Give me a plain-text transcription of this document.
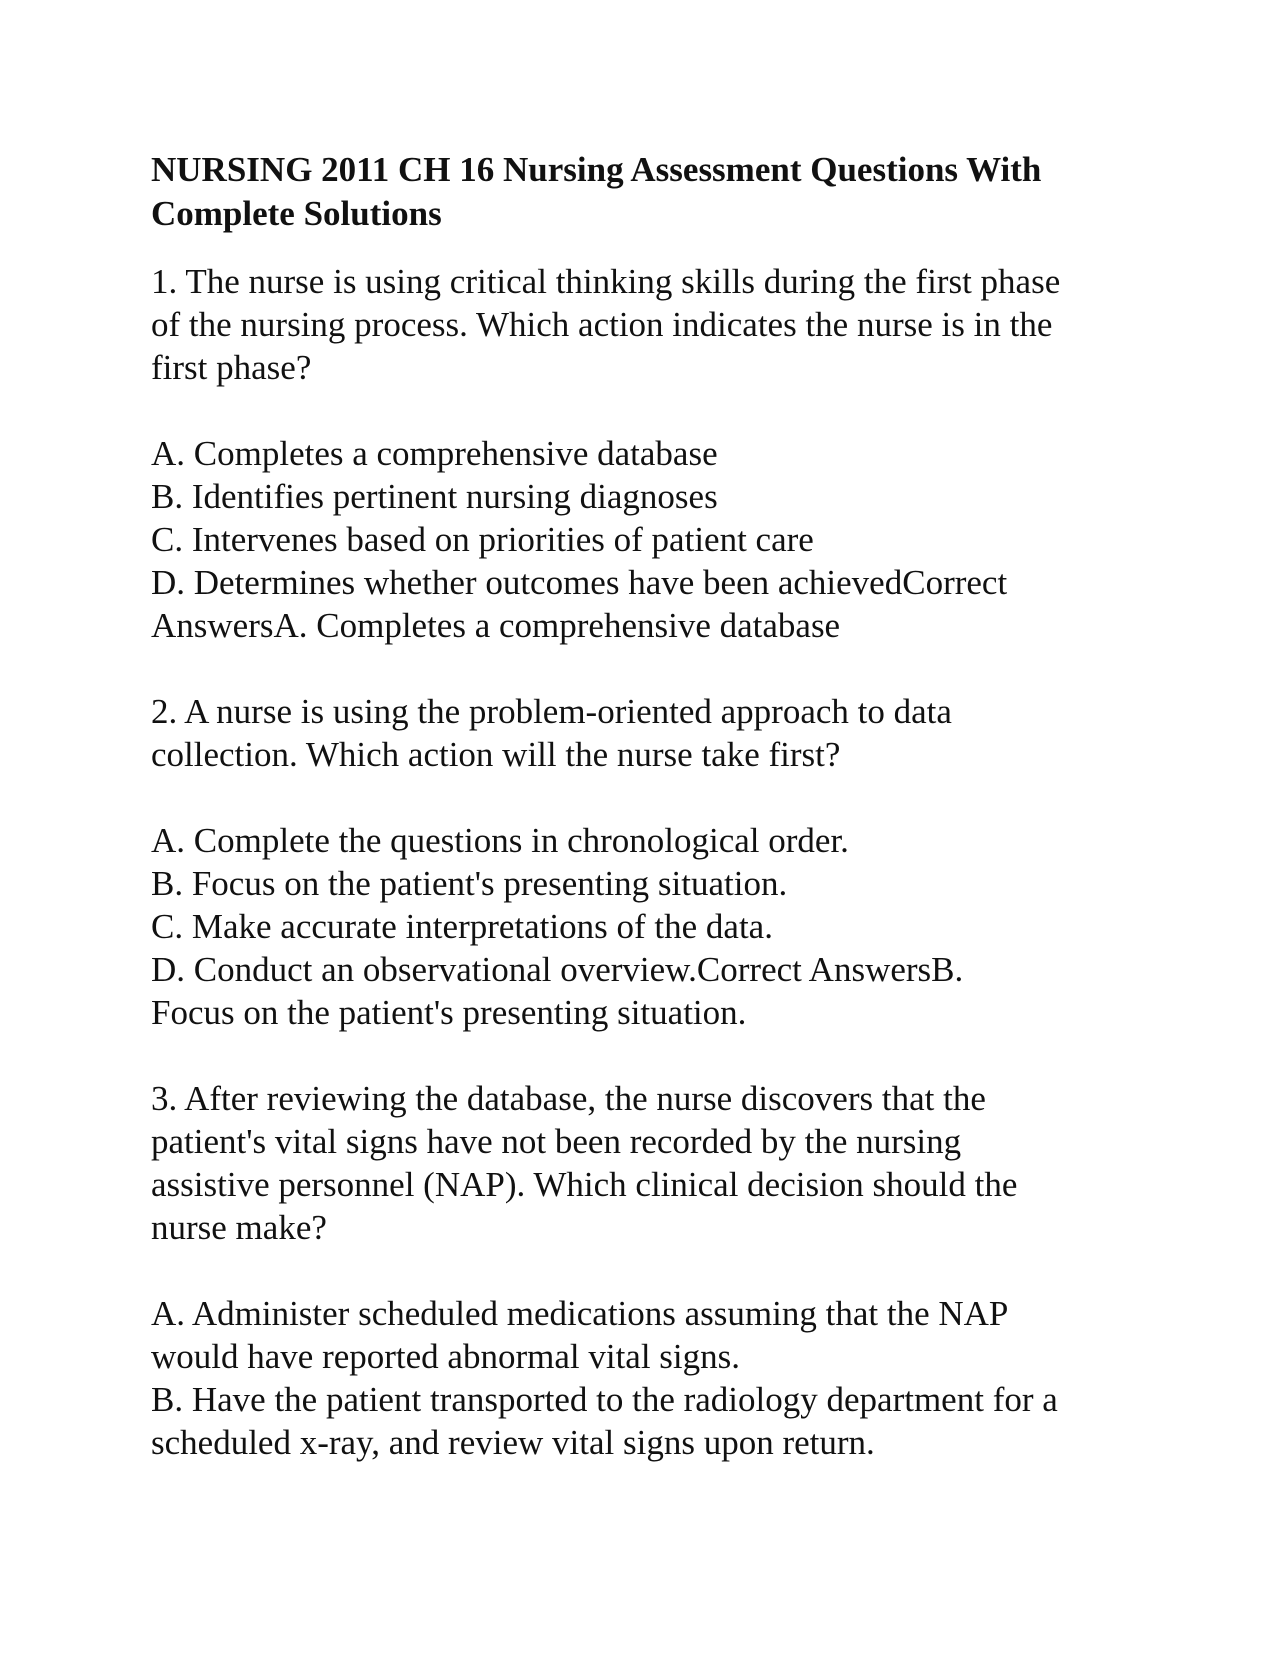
NURSING 2011 CH 16 Nursing Assessment Questions With
Complete Solutions

1. The nurse is using critical thinking skills during the first phase

of the nursing process. Which action indicates the nurse is in the

first phase?

A. Completes a comprehensive database

B. Identifies pertinent nursing diagnoses

C. Intervenes based on priorities of patient care

D. Determines whether outcomes have been achievedCorrect

AnswersA. Completes a comprehensive database

2. A nurse is using the problem-oriented approach to data

collection. Which action will the nurse take first?

A. Complete the questions in chronological order.

B. Focus on the patient's presenting situation.

C. Make accurate interpretations of the data.

D. Conduct an observational overview.Correct AnswersB.

Focus on the patient's presenting situation.

3. After reviewing the database, the nurse discovers that the

patient's vital signs have not been recorded by the nursing

assistive personnel (NAP). Which clinical decision should the

nurse make?

A. Administer scheduled medications assuming that the NAP

would have reported abnormal vital signs.

B. Have the patient transported to the radiology department for a

scheduled x-ray, and review vital signs upon return.
